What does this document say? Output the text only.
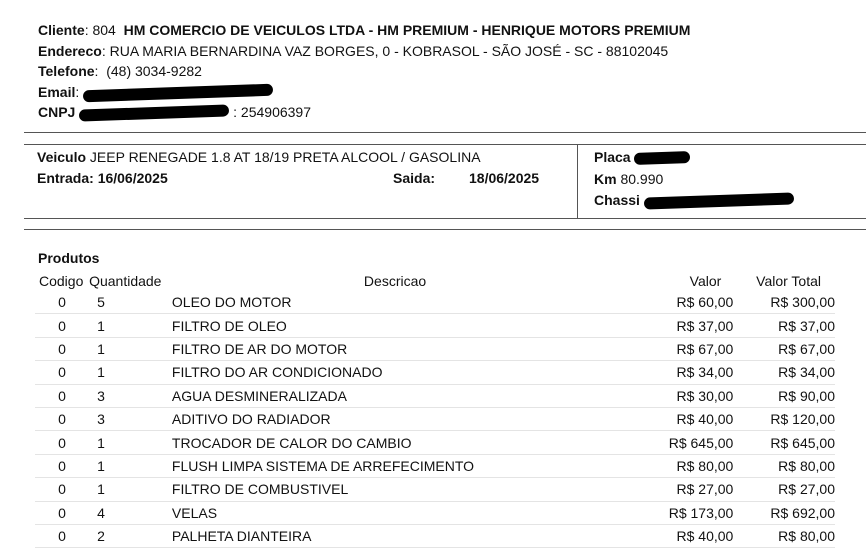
Cliente: 804 HM COMERCIO DE VEICULOS LTDA - HM PREMIUM - HENRIQUE MOTORS PREMIUM
Endereco: RUA MARIA BERNARDINA VAZ BORGES, 0 - KOBRASOL - SÃO JOSÉ - SC - 88102045
Telefone:  (48) 3034-9282
Email:
CNPJ	: 254906397
Veiculo JEEP RENEGADE 1.8 AT 18/19 PRETA ALCOOL / GASOLINA
Entrada: 16/06/2025	Saida: 18/06/2025
Placa
Km 80.990
Chassi
Produtos
Codigo	Quantidade	Descricao	Valor	Valor Total
0	5	OLEO DO MOTOR	R$ 60,00	R$ 300,00
0	1	FILTRO DE OLEO	R$ 37,00	R$ 37,00
0	1	FILTRO DE AR DO MOTOR	R$ 67,00	R$ 67,00
0	1	FILTRO DO AR CONDICIONADO	R$ 34,00	R$ 34,00
0	3	AGUA DESMINERALIZADA	R$ 30,00	R$ 90,00
0	3	ADITIVO DO RADIADOR	R$ 40,00	R$ 120,00
0	1	TROCADOR DE CALOR DO CAMBIO	R$ 645,00	R$ 645,00
0	1	FLUSH LIMPA SISTEMA DE ARREFECIMENTO	R$ 80,00	R$ 80,00
0	1	FILTRO DE COMBUSTIVEL	R$ 27,00	R$ 27,00
0	4	VELAS	R$ 173,00	R$ 692,00
0	2	PALHETA DIANTEIRA	R$ 40,00	R$ 80,00
